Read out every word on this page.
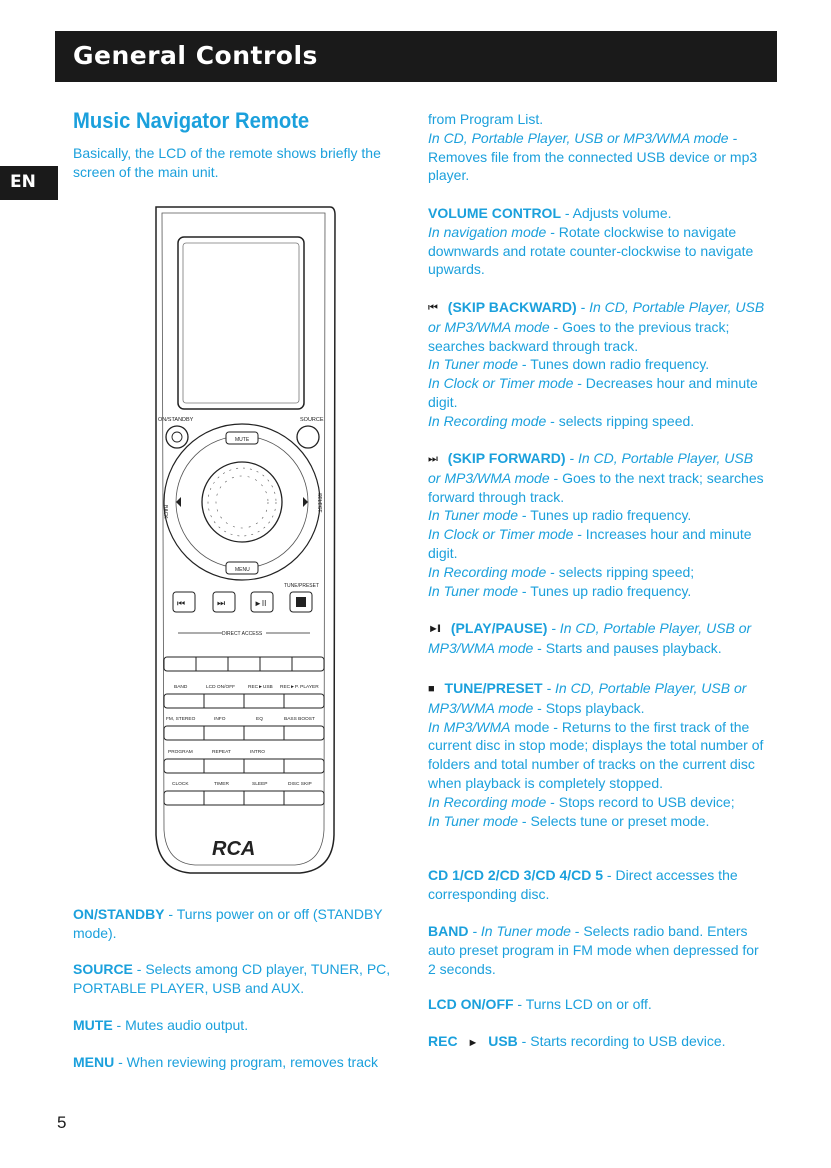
General Controls
EN
Music Navigator Remote

Basically, the LCD of the remote shows briefly the screen of the main unit.

ON/STANDBY	SOURCE
MUTE
MENU
BACK	SELECT
TUNE/PRESET
⏮	⏭	►II
DIRECT ACCESS
BAND	LCD ON/OFF	REC►USB REC►P. PLAYER
FM, STEREO	INFO	EQ	BASS BOOST
PROGRAM	REPEAT	INTRO
CLOCK	TIMER	SLEEP	DISC SKIP
RCA

ON/STANDBY - Turns power on or off (STANDBY mode).

SOURCE - Selects among CD player, TUNER, PC, PORTABLE PLAYER, USB and AUX.

MUTE - Mutes audio output.

MENU - When reviewing program, removes track

from Program List.
In CD, Portable Player, USB or MP3/WMA mode - Removes file from the connected USB device or mp3 player.

VOLUME CONTROL - Adjusts volume.
In navigation mode - Rotate clockwise to navigate downwards and rotate counter-clockwise to navigate upwards.

⏮ (SKIP BACKWARD) - In CD, Portable Player, USB or MP3/WMA mode - Goes to the previous track; searches backward through track.
In Tuner mode - Tunes down radio frequency.
In Clock or Timer mode - Decreases hour and minute digit.
In Recording mode - selects ripping speed.

⏭ (SKIP FORWARD) - In CD, Portable Player, USB or MP3/WMA mode - Goes to the next track; searches forward through track.
In Tuner mode - Tunes up radio frequency.
In Clock or Timer mode - Increases hour and minute digit.
In Recording mode - selects ripping speed;
In Tuner mode - Tunes up radio frequency.

►II (PLAY/PAUSE) - In CD, Portable Player, USB or MP3/WMA mode - Starts and pauses playback.

■ TUNE/PRESET - In CD, Portable Player, USB or MP3/WMA mode - Stops playback.
In MP3/WMA mode - Returns to the first track of the current disc in stop mode; displays the total number of folders and total number of tracks on the current disc when playback is completely stopped.
In Recording mode - Stops record to USB device;
In Tuner mode - Selects tune or preset mode.

CD 1/CD 2/CD 3/CD 4/CD 5 - Direct accesses the corresponding disc.

BAND - In Tuner mode - Selects radio band. Enters auto preset program in FM mode when depressed for 2 seconds.

LCD ON/OFF - Turns LCD on or off.

REC ► USB - Starts recording to USB device.

5
